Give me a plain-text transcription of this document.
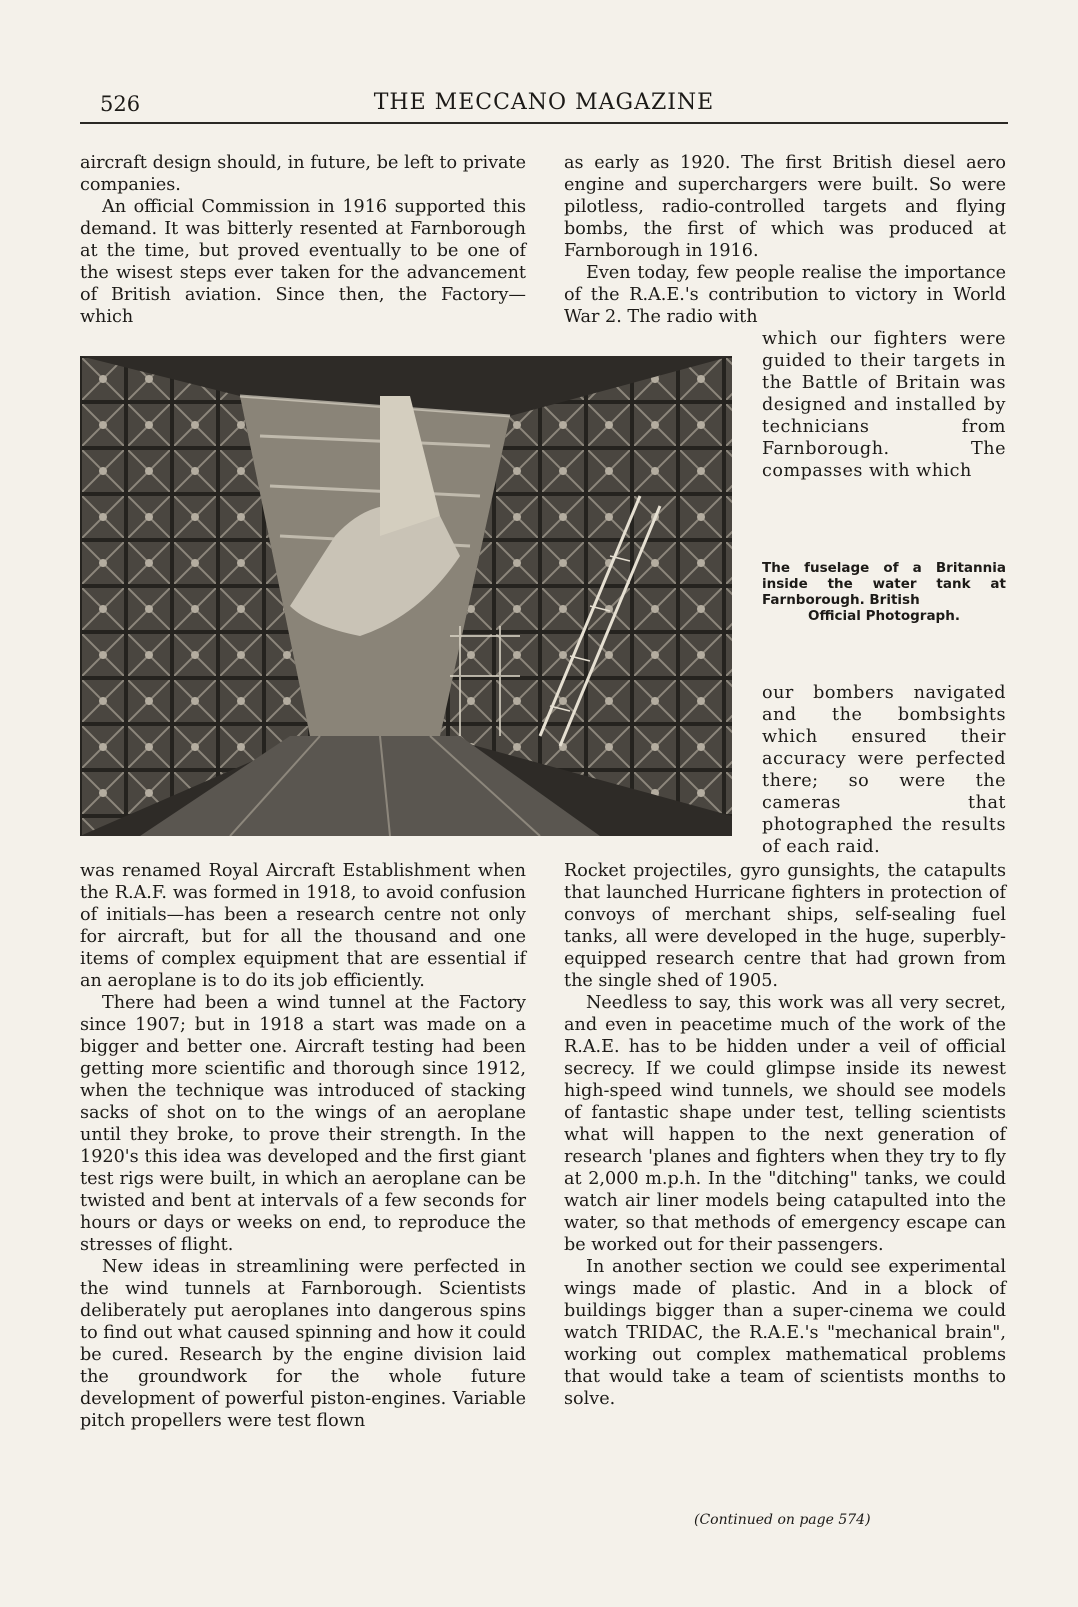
526	THE MECCANO MAGAZINE

aircraft design should, in future, be left to private companies.

An official Commission in 1916 supported this demand. It was bitterly resented at Farnborough at the time, but proved eventually to be one of the wisest steps ever taken for the advancement of British aviation. Since then, the Factory—which

was renamed Royal Aircraft Establishment when the R.A.F. was formed in 1918, to avoid confusion of initials—has been a research centre not only for aircraft, but for all the thousand and one items of complex equipment that are essential if an aeroplane is to do its job efficiently.

There had been a wind tunnel at the Factory since 1907; but in 1918 a start was made on a bigger and better one. Aircraft testing had been getting more scientific and thorough since 1912, when the technique was introduced of stacking sacks of shot on to the wings of an aeroplane until they broke, to prove their strength. In the 1920's this idea was developed and the first giant test rigs were built, in which an aeroplane can be twisted and bent at intervals of a few seconds for hours or days or weeks on end, to reproduce the stresses of flight.

New ideas in streamlining were perfected in the wind tunnels at Farnborough. Scientists deliberately put aeroplanes into dangerous spins to find out what caused spinning and how it could be cured. Research by the engine division laid the groundwork for the whole future development of powerful piston-engines. Variable pitch propellers were test flown

as early as 1920. The first British diesel aero engine and superchargers were built. So were pilotless, radio-controlled targets and flying bombs, the first of which was produced at Farnborough in 1916.

Even today, few people realise the importance of the R.A.E.'s contribution to victory in World War 2. The radio with

which our fighters were guided to their targets in the Battle of Britain was designed and installed by technicians from Farnborough. The compasses with which

The fuselage of a Britannia inside the water tank at Farnborough. British
Official Photograph.

our bombers navigated and the bombsights which ensured their accuracy were perfected there; so were the cameras that photographed the results of each raid.

Rocket projectiles, gyro gunsights, the catapults that launched Hurricane fighters in protection of convoys of merchant ships, self-sealing fuel tanks, all were developed in the huge, superbly-equipped research centre that had grown from the single shed of 1905.

Needless to say, this work was all very secret, and even in peacetime much of the work of the R.A.E. has to be hidden under a veil of official secrecy. If we could glimpse inside its newest high-speed wind tunnels, we should see models of fantastic shape under test, telling scientists what will happen to the next generation of research 'planes and fighters when they try to fly at 2,000 m.p.h. In the "ditching" tanks, we could watch air liner models being catapulted into the water, so that methods of emergency escape can be worked out for their passengers.

In another section we could see experimental wings made of plastic. And in a block of buildings bigger than a super-cinema we could watch TRIDAC, the R.A.E.'s "mechanical brain", working out complex mathematical problems that would take a team of scientists months to solve.

(Continued on page 574)
